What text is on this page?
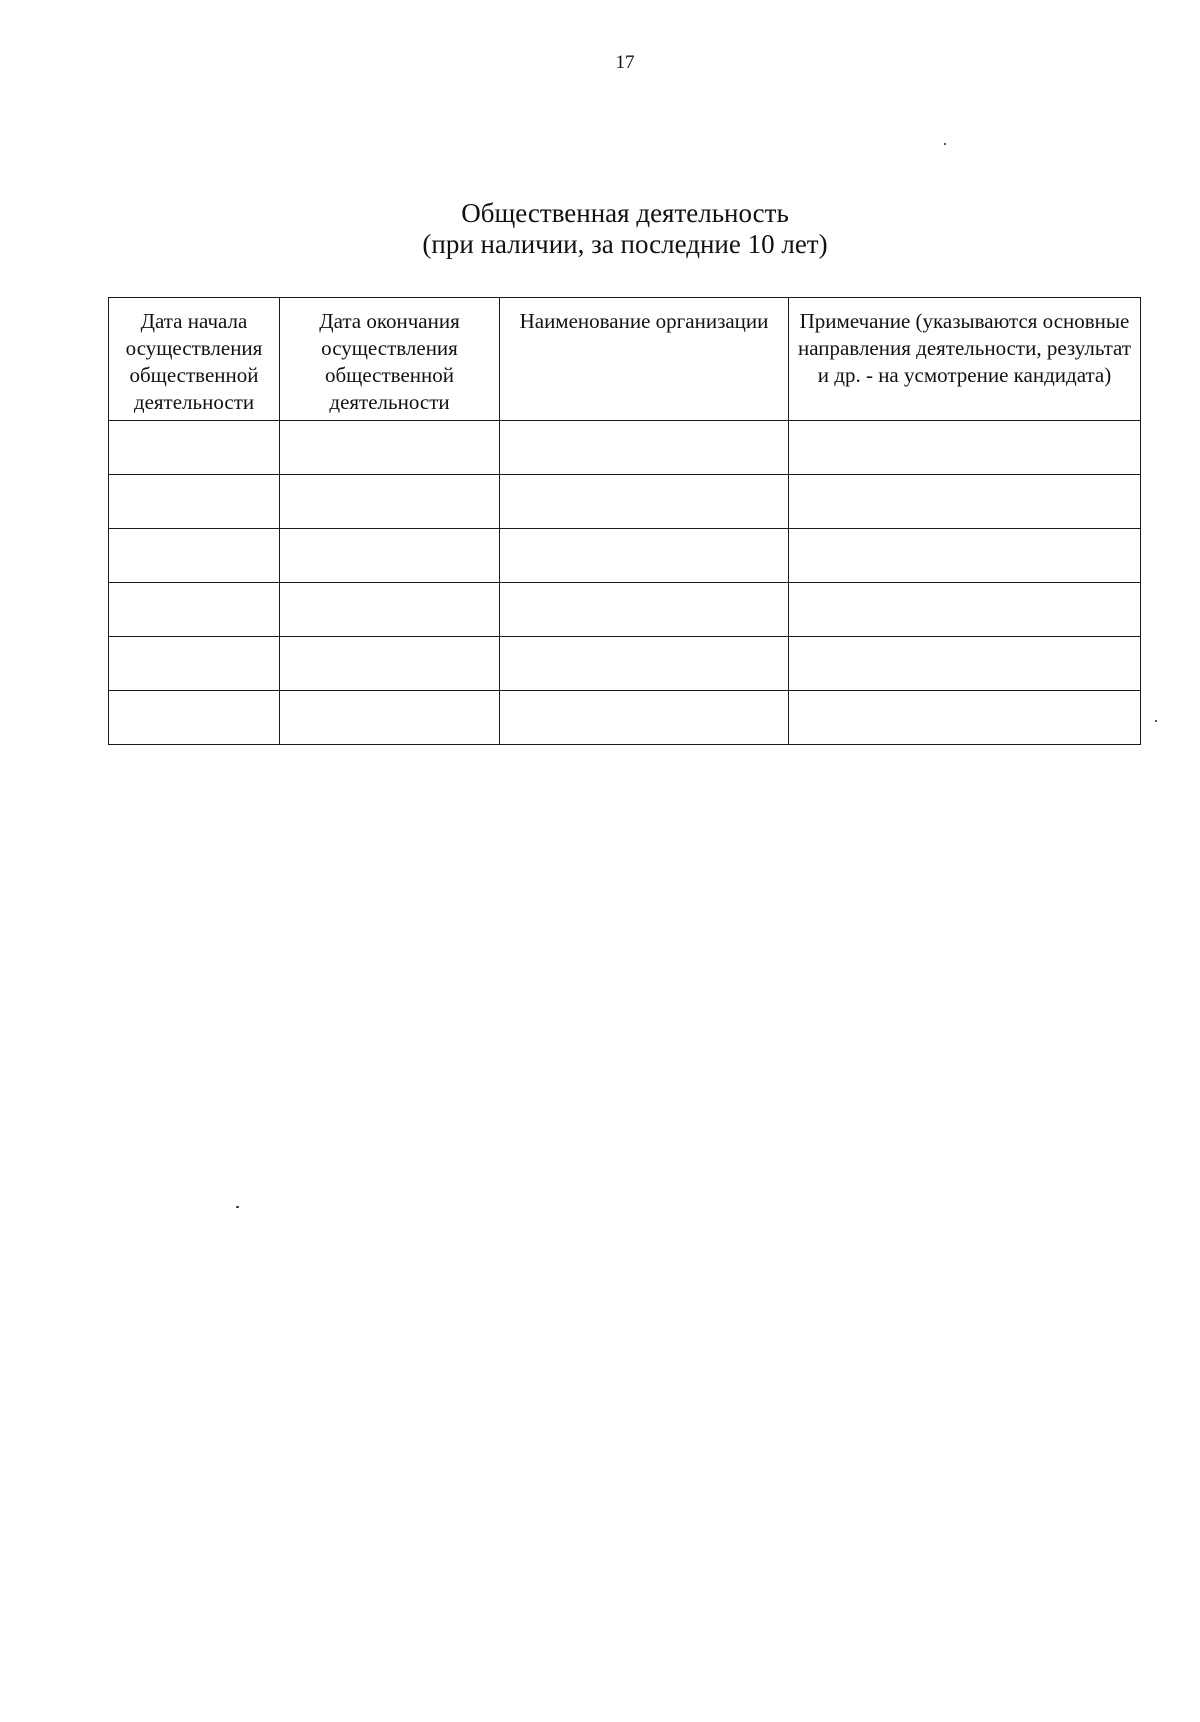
17
Общественная деятельность
(при наличии, за последние 10 лет)
Дата начала осуществления общественной деятельности	Дата окончания осуществления общественной деятельности	Наименование организации	Примечание (указываются основные направления деятельности, результат и др. - на усмотрение кандидата)
